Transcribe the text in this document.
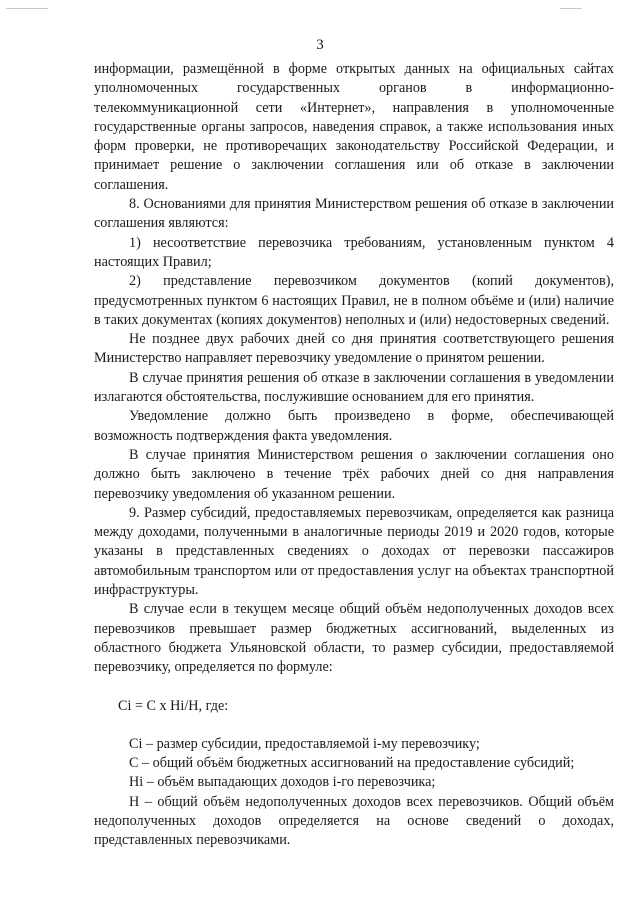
3

информации, размещённой в форме открытых данных на официальных сайтах уполномоченных государственных органов в информационно-телекоммуникационной сети «Интернет», направления в уполномоченные государственные органы запросов, наведения справок, а также использования иных форм проверки, не противоречащих законодательству Российской Федерации, и принимает решение о заключении соглашения или об отказе в заключении соглашения.

8. Основаниями для принятия Министерством решения об отказе в заключении соглашения являются:

1) несоответствие перевозчика требованиям, установленным пунктом 4 настоящих Правил;

2) представление перевозчиком документов (копий документов), предусмотренных пунктом 6 настоящих Правил, не в полном объёме и (или) наличие в таких документах (копиях документов) неполных и (или) недостоверных сведений.

Не позднее двух рабочих дней со дня принятия соответствующего решения Министерство направляет перевозчику уведомление о принятом решении.

В случае принятия решения об отказе в заключении соглашения в уведомлении излагаются обстоятельства, послужившие основанием для его принятия.

Уведомление должно быть произведено в форме, обеспечивающей возможность подтверждения факта уведомления.

В случае принятия Министерством решения о заключении соглашения оно должно быть заключено в течение трёх рабочих дней со дня направления перевозчику уведомления об указанном решении.

9. Размер субсидий, предоставляемых перевозчикам, определяется как разница между доходами, полученными в аналогичные периоды 2019 и 2020 годов, которые указаны в представленных сведениях о доходах от перевозки пассажиров автомобильным транспортом или от предоставления услуг на объектах транспортной инфраструктуры.

В случае если в текущем месяце общий объём недополученных доходов всех перевозчиков превышает размер бюджетных ассигнований, выделенных из областного бюджета Ульяновской области, то размер субсидии, предоставляемой перевозчику, определяется по формуле:

Ci = C x Hi/H, где:

Ci – размер субсидии, предоставляемой i-му перевозчику;

C – общий объём бюджетных ассигнований на предоставление субсидий;

Hi – объём выпадающих доходов i-го перевозчика;

H – общий объём недополученных доходов всех перевозчиков. Общий объём недополученных доходов определяется на основе сведений о доходах, представленных перевозчиками.
